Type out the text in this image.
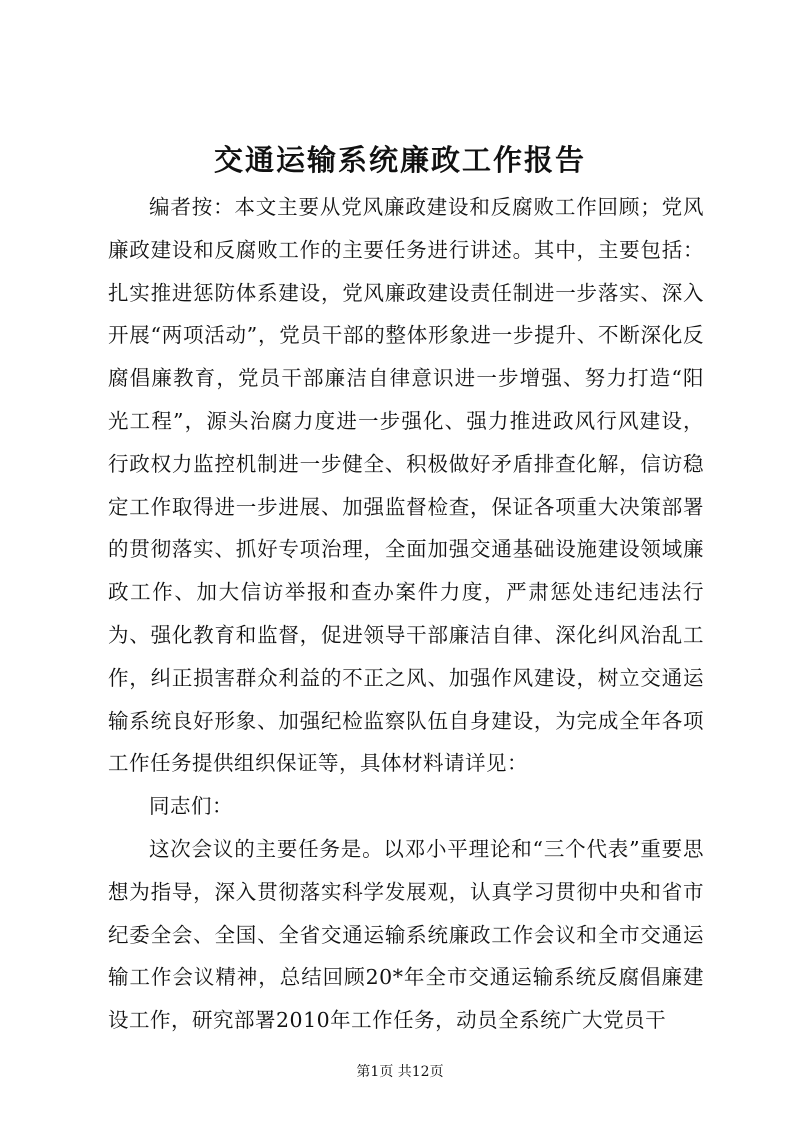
交通运输系统廉政工作报告

编者按：本文主要从党风廉政建设和反腐败工作回顾；党风廉政建设和反腐败工作的主要任务进行讲述。其中，主要包括：扎实推进惩防体系建设，党风廉政建设责任制进一步落实、深入开展“两项活动”，党员干部的整体形象进一步提升、不断深化反腐倡廉教育，党员干部廉洁自律意识进一步增强、努力打造“阳光工程”，源头治腐力度进一步强化、强力推进政风行风建设，行政权力监控机制进一步健全、积极做好矛盾排查化解，信访稳定工作取得进一步进展、加强监督检查，保证各项重大决策部署的贯彻落实、抓好专项治理，全面加强交通基础设施建设领域廉政工作、加大信访举报和查办案件力度，严肃惩处违纪违法行为、强化教育和监督，促进领导干部廉洁自律、深化纠风治乱工作，纠正损害群众利益的不正之风、加强作风建设，树立交通运输系统良好形象、加强纪检监察队伍自身建设，为完成全年各项工作任务提供组织保证等，具体材料请详见：

同志们：

这次会议的主要任务是。以邓小平理论和“三个代表”重要思想为指导，深入贯彻落实科学发展观，认真学习贯彻中央和省市纪委全会、全国、全省交通运输系统廉政工作会议和全市交通运输工作会议精神，总结回顾20*年全市交通运输系统反腐倡廉建设工作，研究部署2010年工作任务，动员全系统广大党员干

第1页 共12页
